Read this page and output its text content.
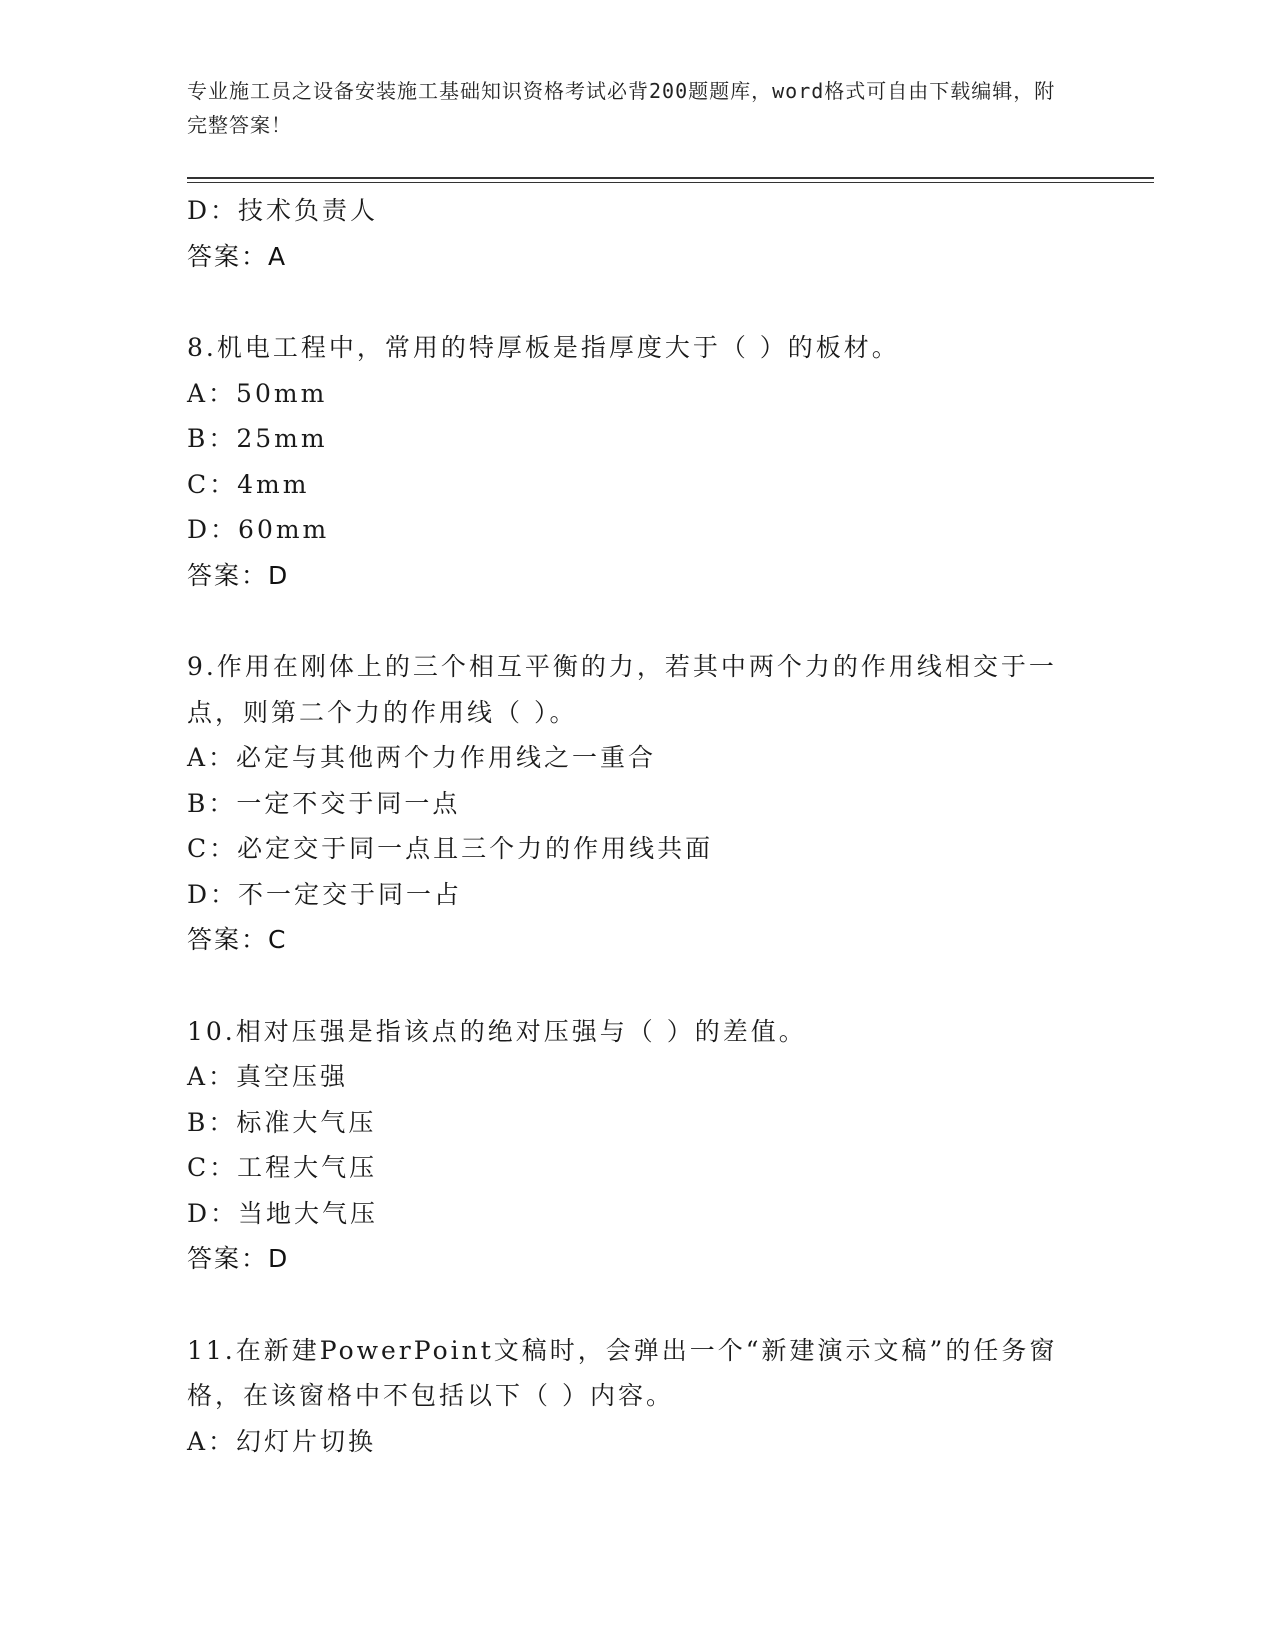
专业施工员之设备安装施工基础知识资格考试必背200题题库，word格式可自由下载编辑，附完整答案！
D：技术负责人
答案：A
8.机电工程中，常用的特厚板是指厚度大于（ ）的板材。
A：50mm
B：25mm
C：4mm
D：60mm
答案：D
9.作用在刚体上的三个相互平衡的力，若其中两个力的作用线相交于一点，则第二个力的作用线（ ）。
A：必定与其他两个力作用线之一重合
B：一定不交于同一点
C：必定交于同一点且三个力的作用线共面
D：不一定交于同一占
答案：C
10.相对压强是指该点的绝对压强与（ ）的差值。
A：真空压强
B：标准大气压
C：工程大气压
D：当地大气压
答案：D
11.在新建PowerPoint文稿时，会弹出一个“新建演示文稿”的任务窗格，在该窗格中不包括以下（ ）内容。
A：幻灯片切换
